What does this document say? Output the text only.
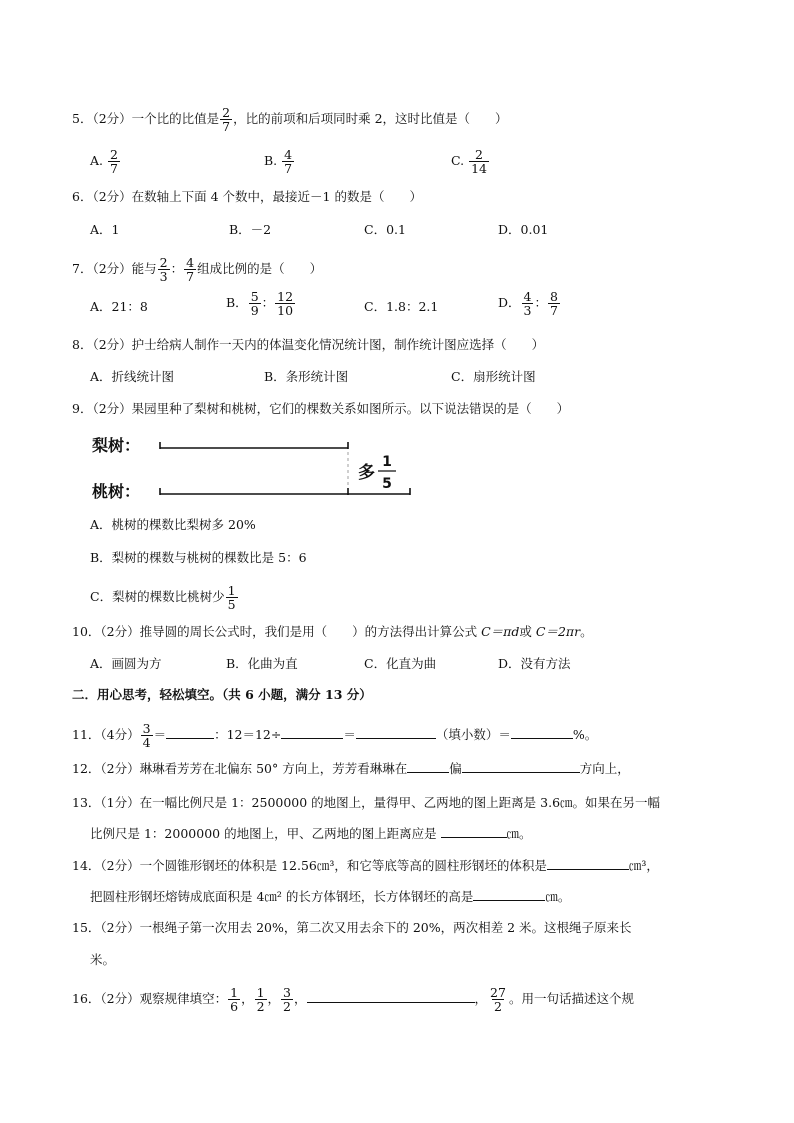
5．（2分）一个比的比值是 $\frac{2}{7}$ ，比的前项和后项同时乘 2，这时比值是（　　）
A. $\frac{2}{7}$	B. $\frac{4}{7}$	C. $\frac{2}{14}$
6．（2分）在数轴上下面 4 个数中，最接近－1 的数是（　　）
A．1	B．－2	C．0.1	D．0.01
7．（2分）能与 $\frac{2}{3}$ ： $\frac{4}{7}$ 组成比例的是（　　）
A．21：8	B． $\frac{5}{9}$ ： $\frac{12}{10}$	C．1.8：2.1	D． $\frac{4}{3}$ ： $\frac{8}{7}$
8．（2分）护士给病人制作一天内的体温变化情况统计图，制作统计图应选择（　　）
A．折线统计图	B．条形统计图	C．扇形统计图
9．（2分）果园里种了梨树和桃树，它们的棵数关系如图所示。以下说法错误的是（　　）
梨树：
桃树：
多
1
5
A．桃树的棵数比梨树多 20%
B．梨树的棵数与桃树的棵数比是 5：6
C．梨树的棵数比桃树少 $\frac{1}{5}$
10．（2分）推导圆的周长公式时，我们是用（　　）的方法得出计算公式 C＝πd或 C＝2πr。
A．画圆为方	B．化曲为直	C．化直为曲	D．没有方法
二．用心思考，轻松填空。（共 6 小题，满分 13 分）
11．（4分） $\frac{3}{4}$ ＝	：12＝12÷	＝	（填小数）＝	%。
12．（2分）琳琳看芳芳在北偏东 50° 方向上，芳芳看琳琳在	偏	方向上，
13．（1分）在一幅比例尺是 1：2500000 的地图上，量得甲、乙两地的图上距离是 3.6㎝。如果在另一幅
比例尺是 1：2000000 的地图上，甲、乙两地的图上距离应是	㎝。
14．（2分）一个圆锥形钢坯的体积是 12.56㎝³，和它等底等高的圆柱形钢坯的体积是	㎝³，
把圆柱形钢坯熔铸成底面积是 4㎝² 的长方体钢坯，长方体钢坯的高是	㎝。
15．（2分）一根绳子第一次用去 20%，第二次又用去余下的 20%，两次相差 2 米。这根绳子原来长
米。
16．（2分）观察规律填空： $\frac{1}{6}$ ， $\frac{1}{2}$ ， $\frac{3}{2}$ ，	， $\frac{27}{2}$ 。用一句话描述这个规
